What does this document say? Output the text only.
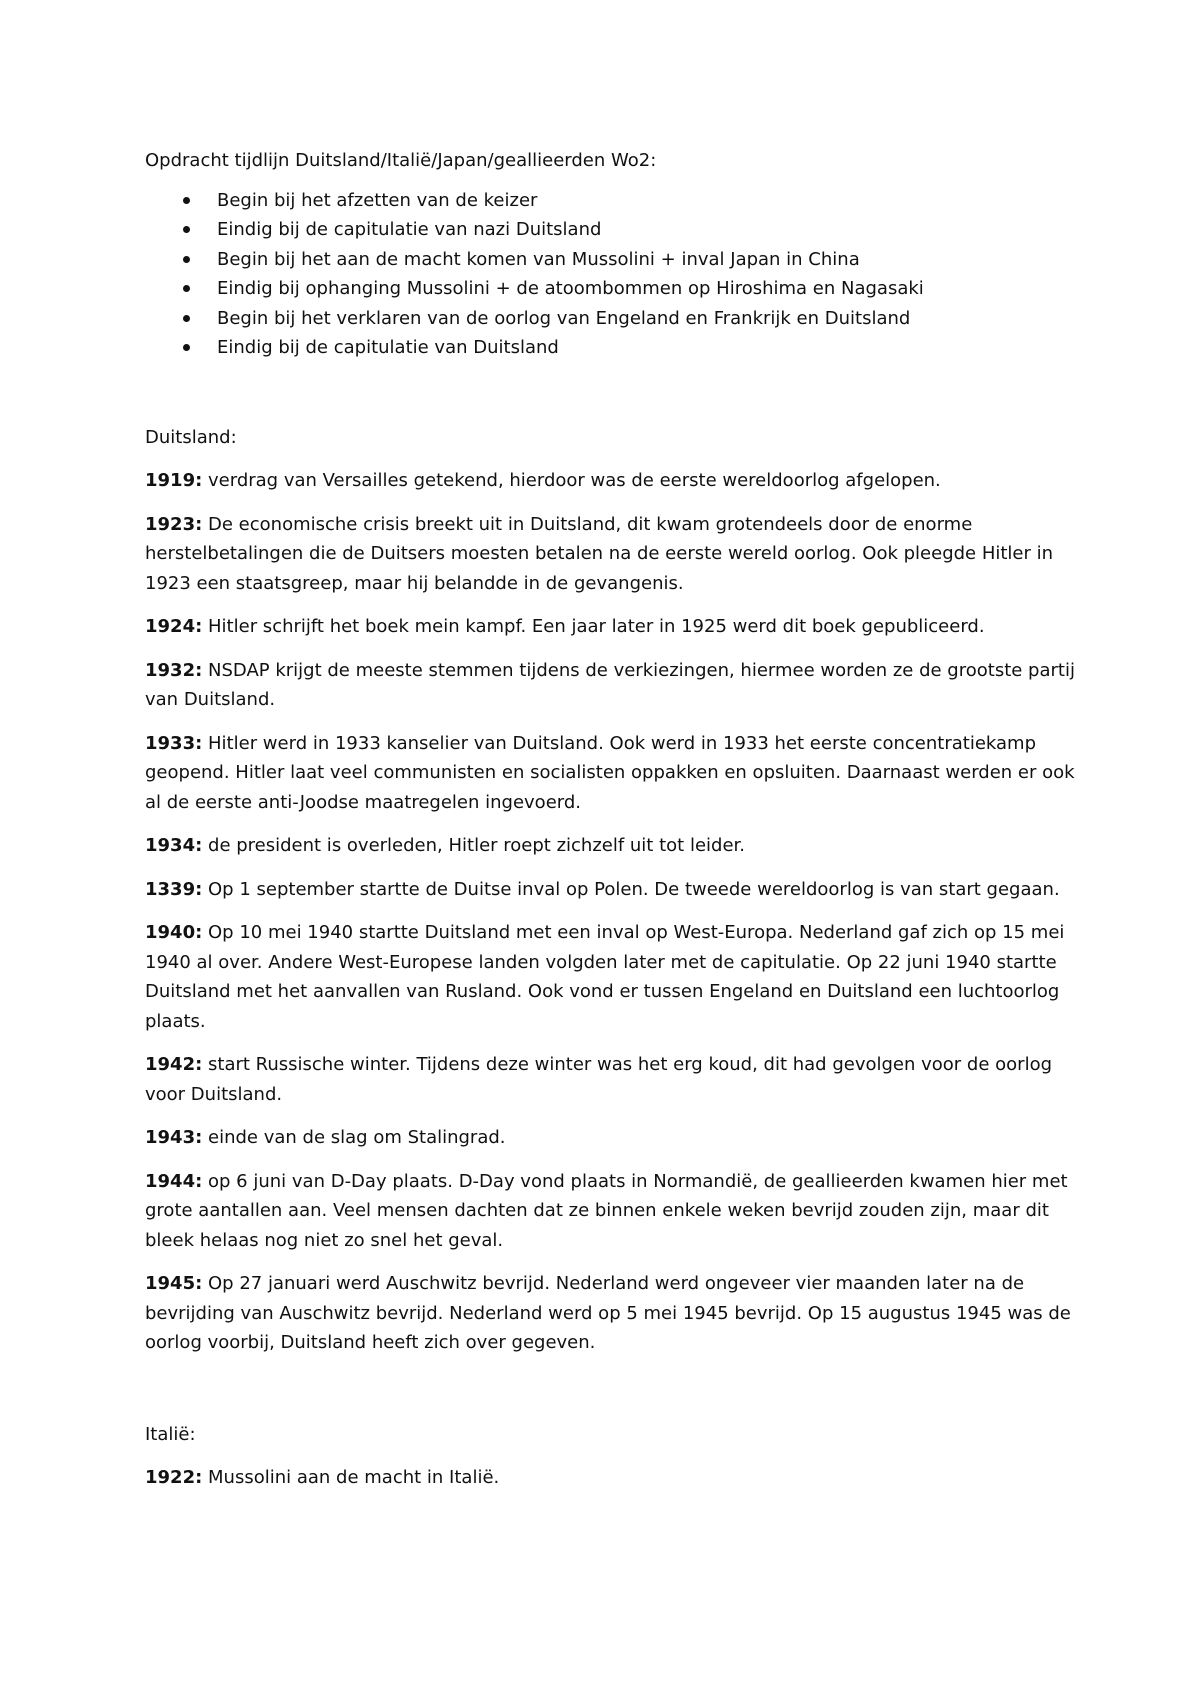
Opdracht tijdlijn Duitsland/Italië/Japan/geallieerden Wo2:

Begin bij het afzetten van de keizer
Eindig bij de capitulatie van nazi Duitsland
Begin bij het aan de macht komen van Mussolini + inval Japan in China
Eindig bij ophanging Mussolini + de atoombommen op Hiroshima en Nagasaki
Begin bij het verklaren van de oorlog van Engeland en Frankrijk en Duitsland
Eindig bij de capitulatie van Duitsland

Duitsland:

1919: verdrag van Versailles getekend, hierdoor was de eerste wereldoorlog afgelopen.

1923: De economische crisis breekt uit in Duitsland, dit kwam grotendeels door de enorme herstelbetalingen die de Duitsers moesten betalen na de eerste wereld oorlog. Ook pleegde Hitler in 1923 een staatsgreep, maar hij belandde in de gevangenis.

1924: Hitler schrijft het boek mein kampf. Een jaar later in 1925 werd dit boek gepubliceerd.

1932: NSDAP krijgt de meeste stemmen tijdens de verkiezingen, hiermee worden ze de grootste partij van Duitsland.

1933: Hitler werd in 1933 kanselier van Duitsland. Ook werd in 1933 het eerste concentratiekamp geopend. Hitler laat veel communisten en socialisten oppakken en opsluiten. Daarnaast werden er ook al de eerste anti-Joodse maatregelen ingevoerd.

1934: de president is overleden, Hitler roept zichzelf uit tot leider.

1339: Op 1 september startte de Duitse inval op Polen. De tweede wereldoorlog is van start gegaan.

1940: Op 10 mei 1940 startte Duitsland met een inval op West-Europa. Nederland gaf zich op 15 mei 1940 al over. Andere West-Europese landen volgden later met de capitulatie. Op 22 juni 1940 startte Duitsland met het aanvallen van Rusland. Ook vond er tussen Engeland en Duitsland een luchtoorlog plaats.

1942: start Russische winter. Tijdens deze winter was het erg koud, dit had gevolgen voor de oorlog voor Duitsland.

1943: einde van de slag om Stalingrad.

1944: op 6 juni van D-Day plaats. D-Day vond plaats in Normandië, de geallieerden kwamen hier met grote aantallen aan. Veel mensen dachten dat ze binnen enkele weken bevrijd zouden zijn, maar dit bleek helaas nog niet zo snel het geval.

1945: Op 27 januari werd Auschwitz bevrijd. Nederland werd ongeveer vier maanden later na de bevrijding van Auschwitz bevrijd. Nederland werd op 5 mei 1945 bevrijd. Op 15 augustus 1945 was de oorlog voorbij, Duitsland heeft zich over gegeven.

Italië:

1922: Mussolini aan de macht in Italië.
